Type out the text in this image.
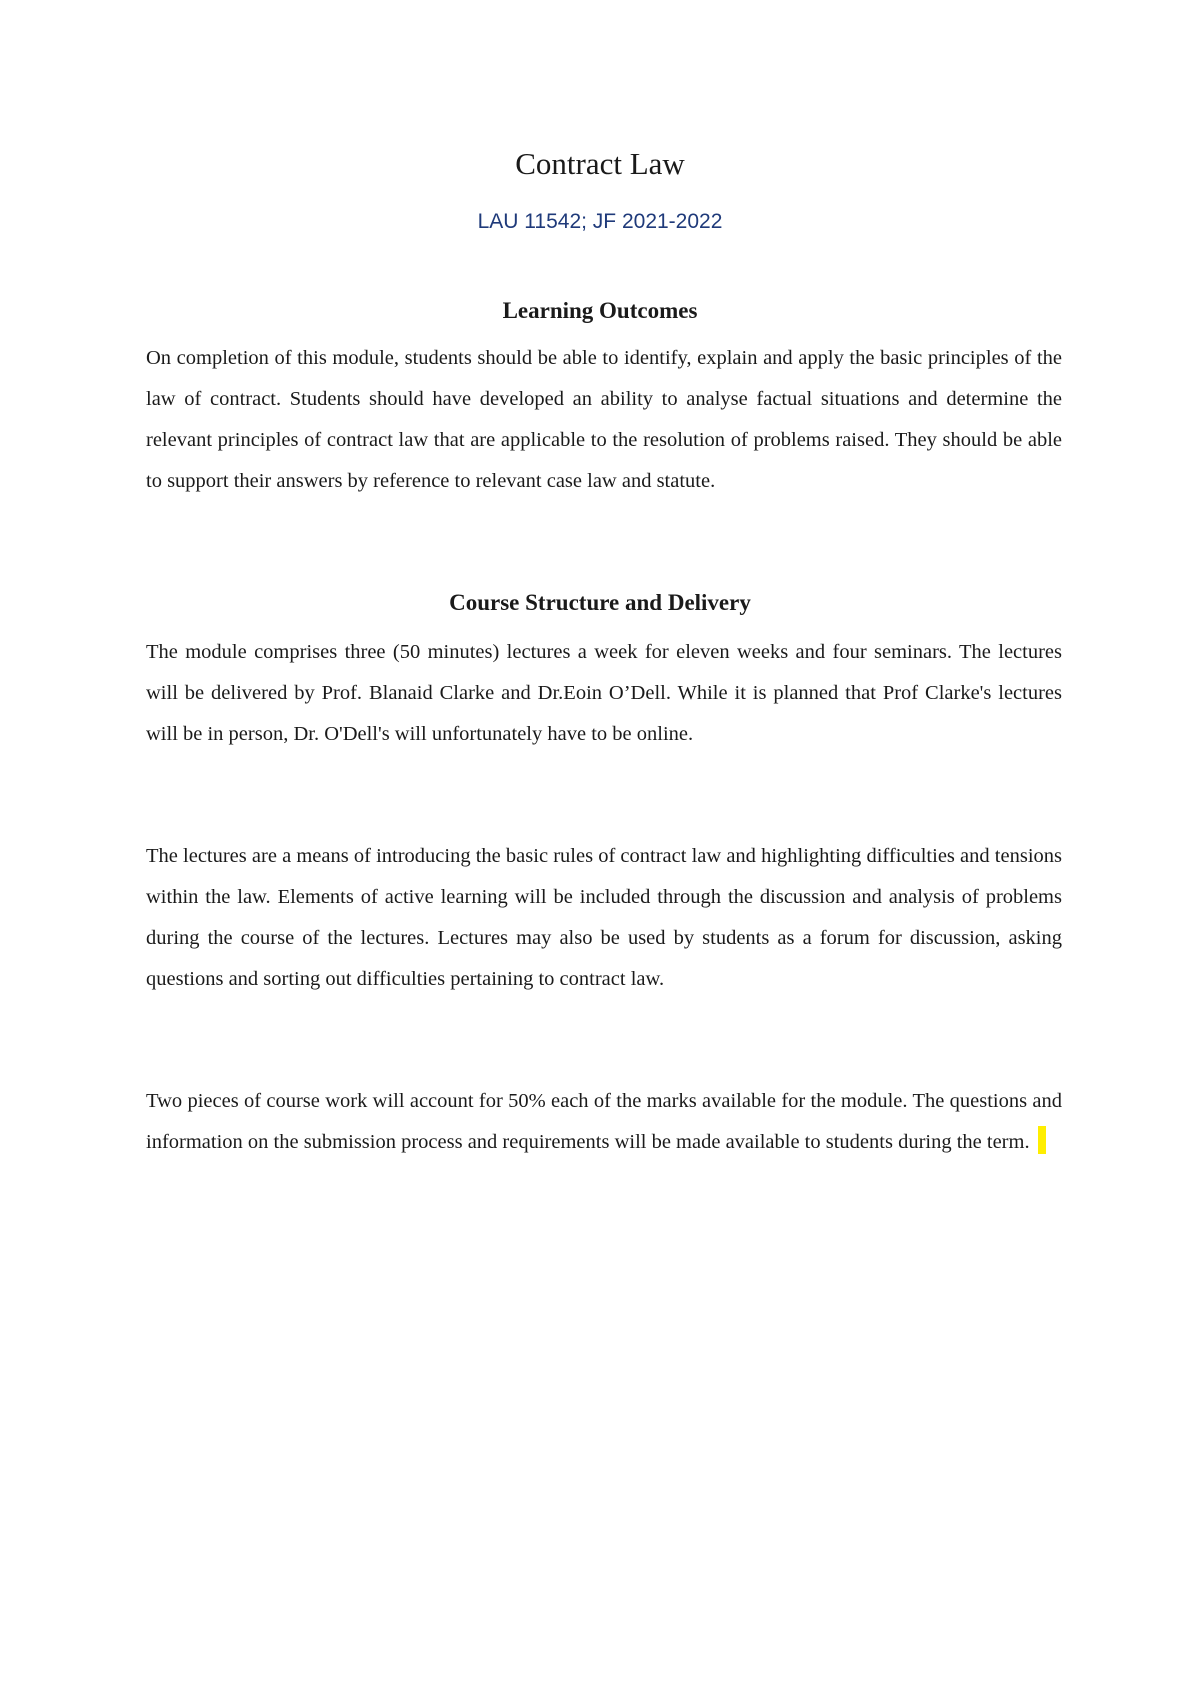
Contract Law

LAU 11542; JF 2021-2022

Learning Outcomes

On completion of this module, students should be able to identify, explain and apply the basic principles of the law of contract. Students should have developed an ability to analyse factual situations and determine the relevant principles of contract law that are applicable to the resolution of problems raised. They should be able to support their answers by reference to relevant case law and statute.

Course Structure and Delivery

The module comprises three (50 minutes) lectures a week for eleven weeks and four seminars. The lectures will be delivered by Prof. Blanaid Clarke and Dr.Eoin O’Dell. While it is planned that Prof Clarke's lectures will be in person, Dr. O'Dell's will unfortunately have to be online.

The lectures are a means of introducing the basic rules of contract law and highlighting difficulties and tensions within the law. Elements of active learning will be included through the discussion and analysis of problems during the course of the lectures. Lectures may also be used by students as a forum for discussion, asking questions and sorting out difficulties pertaining to contract law.

Two pieces of course work will account for 50% each of the marks available for the module. The questions and information on the submission process and requirements will be made available to students during the term.
